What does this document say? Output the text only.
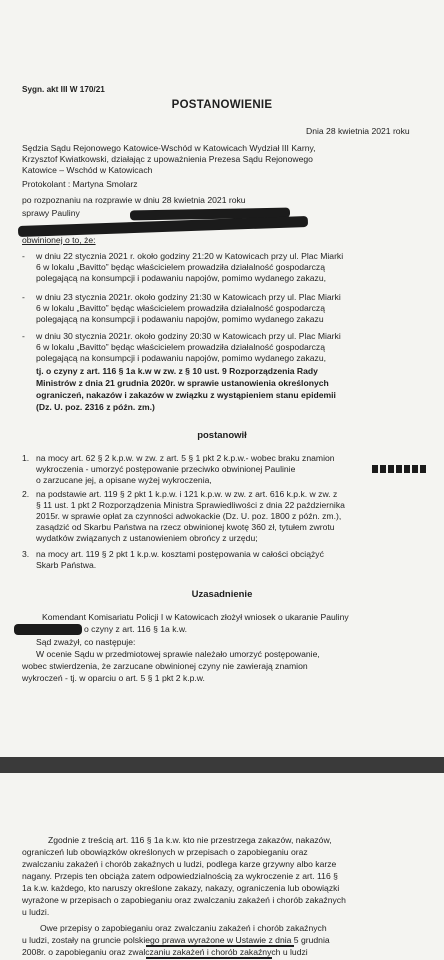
Sygn. akt III W 170/21
POSTANOWIENIE
Dnia 28 kwietnia 2021 roku
Sędzia Sądu Rejonowego Katowice-Wschód w Katowicach Wydział III Karny,
Krzysztof Kwiatkowski, działając z upoważnienia Prezesa Sądu Rejonowego
Katowice – Wschód w Katowicach
Protokolant : Martyna Smolarz
po rozpoznaniu na rozprawie w dniu 28 kwietnia 2021 roku
sprawy Pauliny
obwinionej o to, że:
- w dniu 22 stycznia 2021 r. około godziny 21:20 w Katowicach przy ul. Plac Miarki
6 w lokalu „Bavitto” będąc właścicielem prowadziła działalność gospodarczą
polegającą na konsumpcji i podawaniu napojów, pomimo wydanego zakazu,
- w dniu 23 stycznia 2021r. około godziny 21:30 w Katowicach przy ul. Plac Miarki
6 w lokalu „Bavitto” będąc właścicielem prowadziła działalność gospodarczą
polegającą na konsumpcji i podawaniu napojów, pomimo wydanego zakazu
- w dniu 30 stycznia 2021r. około godziny 20:30 w Katowicach przy ul. Plac Miarki
6 w lokalu „Bavitto” będąc właścicielem prowadziła działalność gospodarczą
polegającą na konsumpcji i podawaniu napojów, pomimo wydanego zakazu,
tj. o czyny z art. 116 § 1a k.w w zw. z § 10 ust. 9 Rozporządzenia Rady
Ministrów z dnia 21 grudnia 2020r. w sprawie ustanowienia określonych
ograniczeń, nakazów i zakazów w związku z wystąpieniem stanu epidemii
(Dz. U. poz. 2316 z późn. zm.)
postanowił
1. na mocy art. 62 § 2 k.p.w. w zw. z art. 5 § 1 pkt 2 k.p.w.- wobec braku znamion
wykroczenia - umorzyć postępowanie przeciwko obwinionej Paulinie
o zarzucane jej, a opisane wyżej wykroczenia,
2. na podstawie art. 119 § 2 pkt 1 k.p.w. i 121 k.p.w. w zw. z art. 616 k.p.k. w zw. z
§ 11 ust. 1 pkt 2 Rozporządzenia Ministra Sprawiedliwości z dnia 22 października
2015r. w sprawie opłat za czynności adwokackie (Dz. U. poz. 1800 z późn. zm.),
zasądzić od Skarbu Państwa na rzecz obwinionej kwotę 360 zł, tytułem zwrotu
wydatków związanych z ustanowieniem obrońcy z urzędu;
3. na mocy art. 119 § 2 pkt 1 k.p.w. kosztami postępowania w całości obciążyć
Skarb Państwa.
Uzasadnienie
Komendant Komisariatu Policji I w Katowicach złożył wniosek o ukaranie Pauliny
o czyny z art. 116 § 1a k.w.
Sąd zważył, co następuje:
W ocenie Sądu w przedmiotowej sprawie należało umorzyć postępowanie,
wobec stwierdzenia, że zarzucane obwinionej czyny nie zawierają znamion
wykroczeń - tj. w oparciu o art. 5 § 1 pkt 2 k.p.w.
Zgodnie z treścią art. 116 § 1a k.w. kto nie przestrzega zakazów, nakazów,
ograniczeń lub obowiązków określonych w przepisach o zapobieganiu oraz
zwalczaniu zakażeń i chorób zakaźnych u ludzi, podlega karze grzywny albo karze
nagany. Przepis ten obciąża zatem odpowiedzialnością za wykroczenie z art. 116 §
1a k.w. każdego, kto naruszy określone zakazy, nakazy, ograniczenia lub obowiązki
wyrażone w przepisach o zapobieganiu oraz zwalczaniu zakażeń i chorób zakaźnych
u ludzi.
Owe przepisy o zapobieganiu oraz zwalczaniu zakażeń i chorób zakaźnych
u ludzi, zostały na gruncie polskiego prawa wyrażone w Ustawie z dnia 5 grudnia
2008r. o zapobieganiu oraz zwalczaniu zakażeń i chorób zakaźnych u ludzi
